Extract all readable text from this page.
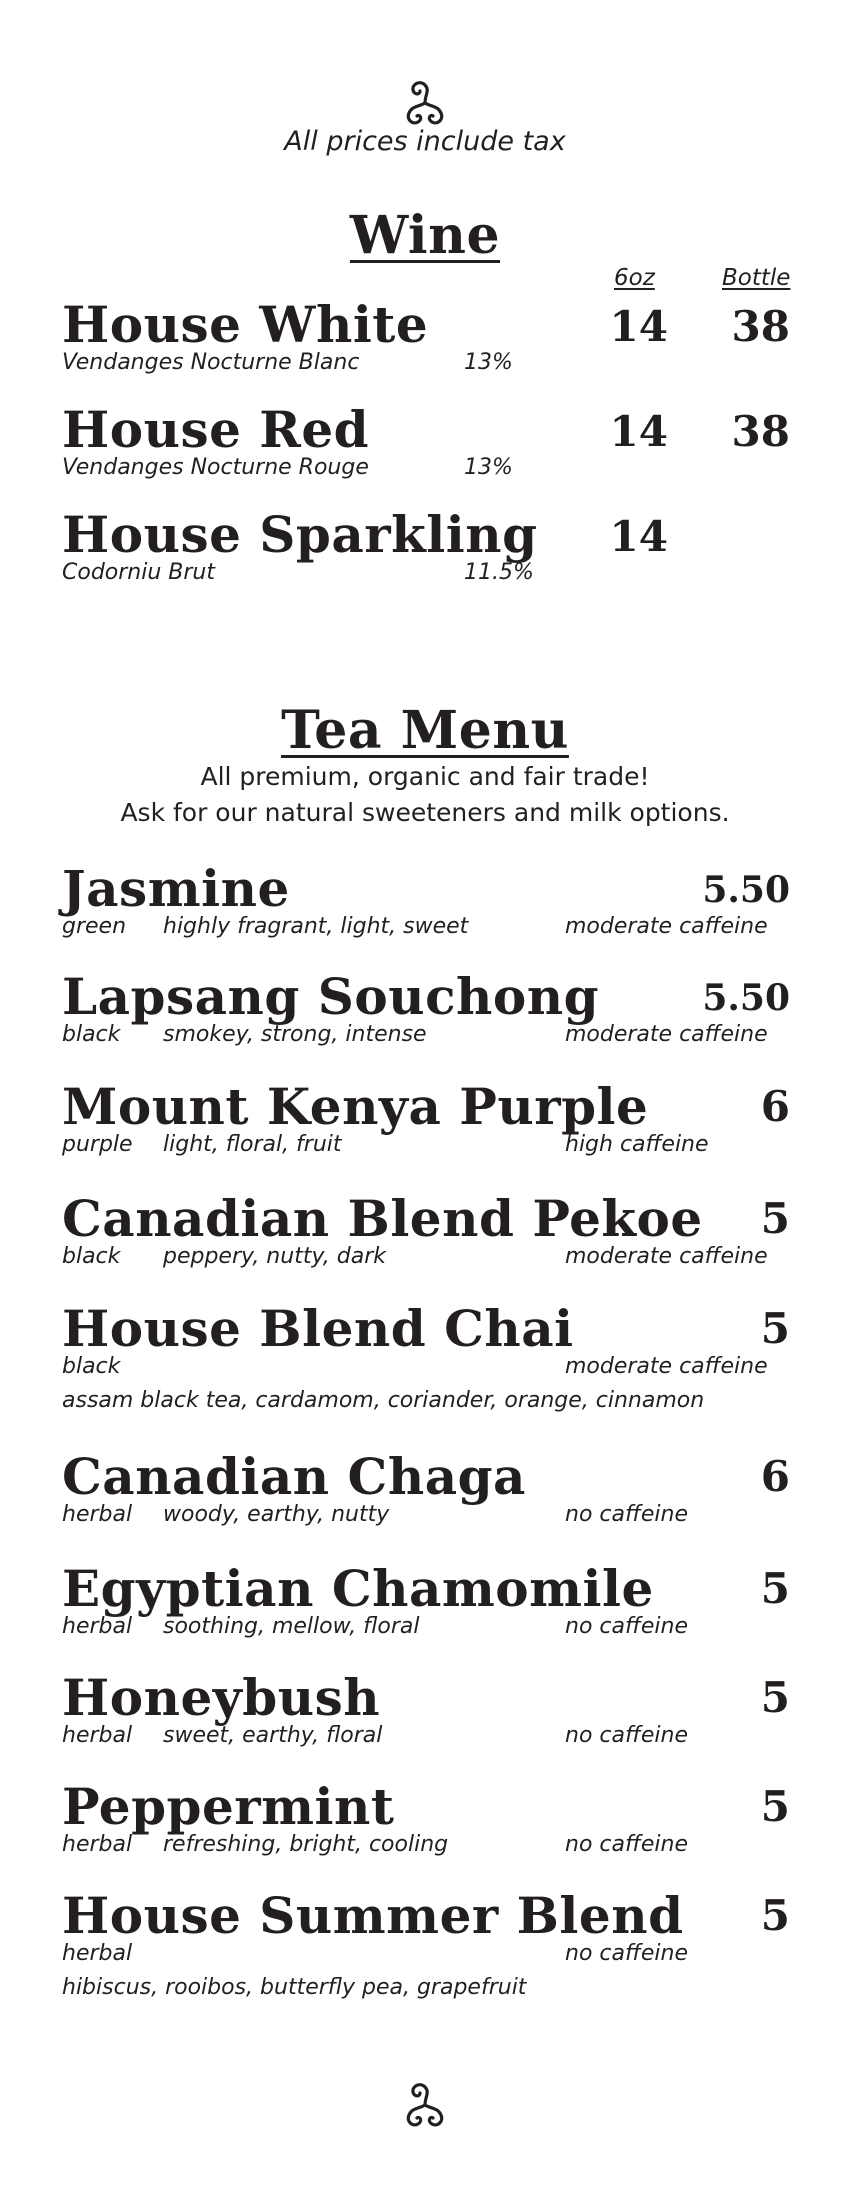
All prices include tax
Wine
6oz	Bottle
House White	14	38
Vendanges Nocturne Blanc	13%
House Red	14	38
Vendanges Nocturne Rouge	13%
House Sparkling	14
Codorniu Brut	11.5%
Tea Menu
All premium, organic and fair trade!
Ask for our natural sweeteners and milk options.
Jasmine	5.50
green highly fragrant, light, sweet	moderate caffeine
Lapsang Souchong	5.50
black smokey, strong, intense	moderate caffeine
Mount Kenya Purple	6
purple light, floral, fruit	high caffeine
Canadian Blend Pekoe	5
black peppery, nutty, dark	moderate caffeine
House Blend Chai	5
black	moderate caffeine
assam black tea, cardamom, coriander, orange, cinnamon
Canadian Chaga	6
herbal woody, earthy, nutty	no caffeine
Egyptian Chamomile	5
herbal soothing, mellow, floral	no caffeine
Honeybush	5
herbal sweet, earthy, floral	no caffeine
Peppermint	5
herbal refreshing, bright, cooling	no caffeine
House Summer Blend	5
herbal	no caffeine
hibiscus, rooibos, butterfly pea, grapefruit
